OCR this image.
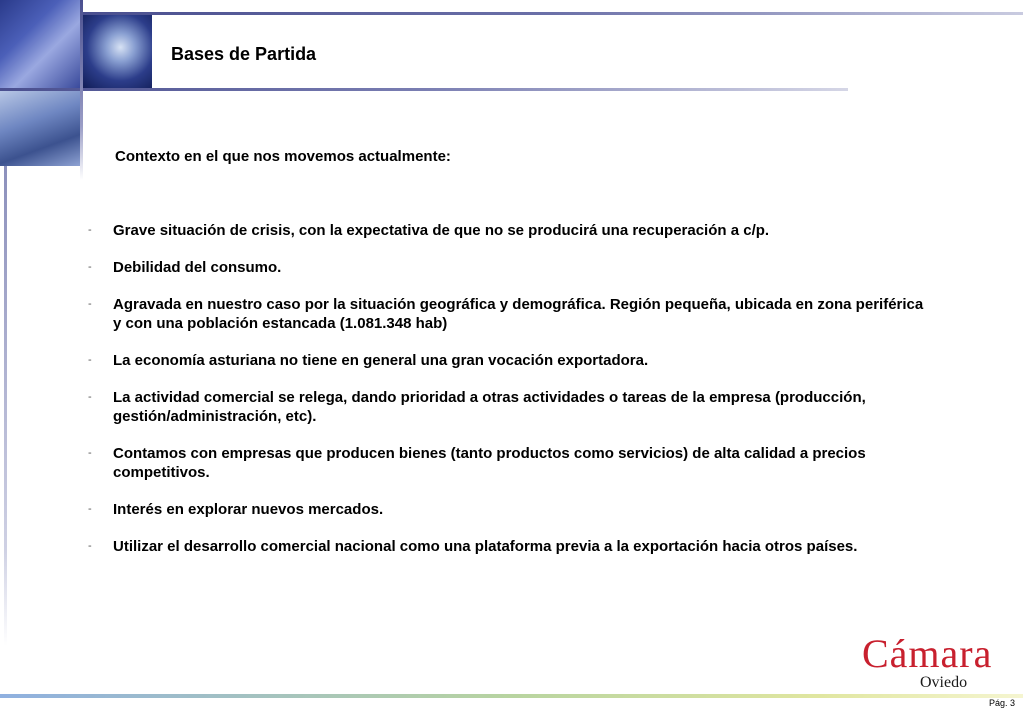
Bases de Partida
Contexto en el que nos movemos actualmente:
- Grave situación de crisis, con la expectativa de que no se producirá una recuperación a c/p.
- Debilidad del consumo.
- Agravada en nuestro caso por la situación geográfica y demográfica. Región pequeña, ubicada en zona periférica y con una población estancada (1.081.348 hab)
- La economía asturiana no tiene en general una gran vocación exportadora.
- La actividad comercial se relega, dando prioridad a otras actividades o tareas de la empresa (producción, gestión/administración, etc).
- Contamos con empresas que producen bienes (tanto productos como servicios) de alta calidad a precios competitivos.
- Interés en explorar nuevos mercados.
- Utilizar el desarrollo comercial nacional como una plataforma previa a la exportación hacia otros países.
Cámara
Oviedo
Pág. 3
